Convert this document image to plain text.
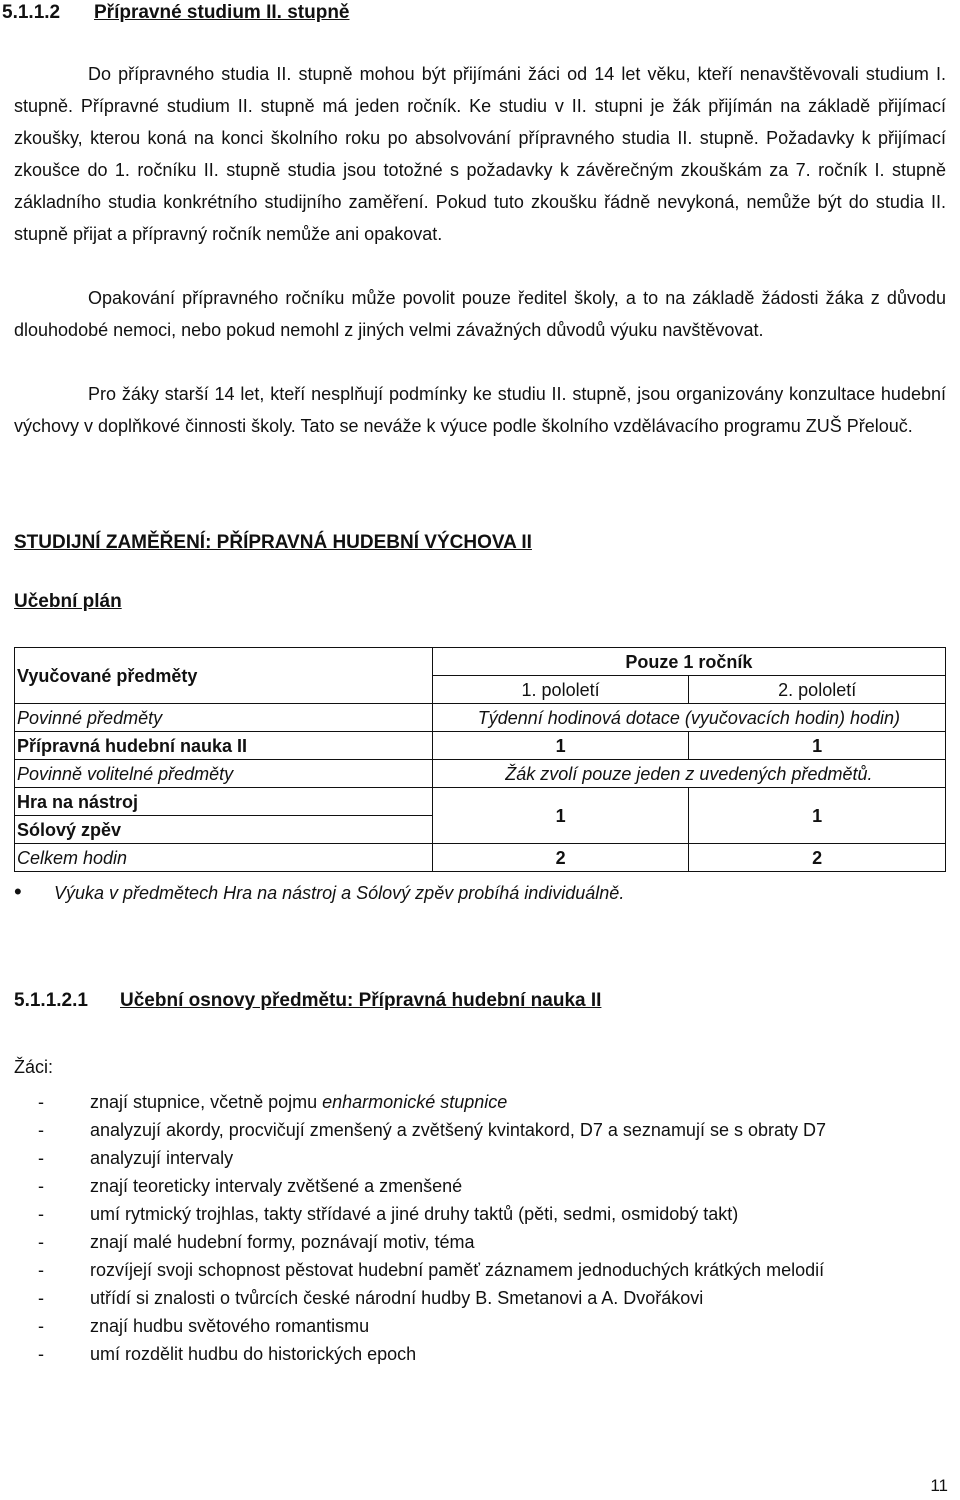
5.1.1.2 Přípravné studium II. stupně

Do přípravného studia II. stupně mohou být přijímáni žáci od 14 let věku, kteří nenavštěvovali studium I. stupně. Přípravné studium II. stupně má jeden ročník. Ke studiu v II. stupni je žák přijímán na základě přijímací zkoušky, kterou koná na konci školního roku po absolvování přípravného studia II. stupně. Požadavky k přijímací zkoušce do 1. ročníku II. stupně studia jsou totožné s požadavky k závěrečným zkouškám za 7. ročník I. stupně základního studia konkrétního studijního zaměření. Pokud tuto zkoušku řádně nevykoná, nemůže být do studia II. stupně přijat a přípravný ročník nemůže ani opakovat.

Opakování přípravného ročníku může povolit pouze ředitel školy, a to na základě žádosti žáka z důvodu dlouhodobé nemoci, nebo pokud nemohl z jiných velmi závažných důvodů výuku navštěvovat.

Pro žáky starší 14 let, kteří nesplňují podmínky ke studiu II. stupně, jsou organizovány konzultace hudební výchovy v doplňkové činnosti školy. Tato se neváže k výuce podle školního vzdělávacího programu ZUŠ Přelouč.

STUDIJNÍ ZAMĚŘENÍ: PŘÍPRAVNÁ HUDEBNÍ VÝCHOVA II
Učební plán
Vyučované předměty	Pouze 1 ročník	
	1. pololetí	2. pololetí
Povinné předměty	Týdenní hodinová dotace (vyučovacích hodin) hodin)	
Přípravná hudební nauka II	1	1
Povinně volitelné předměty	Žák zvolí pouze jeden z uvedených předmětů.	
Hra na nástroj	1	1
Sólový zpěv		
Celkem hodin	2	2
• Výuka v předmětech Hra na nástroj a Sólový zpěv probíhá individuálně.
5.1.1.2.1 Učební osnovy předmětu: Přípravná hudební nauka II
Žáci:
-	znají stupnice, včetně pojmu enharmonické stupnice
-	analyzují akordy, procvičují zmenšený a zvětšený kvintakord, D7 a seznamují se s obraty D7
-	analyzují intervaly
-	znají teoreticky intervaly zvětšené a zmenšené
-	umí rytmický trojhlas, takty střídavé a jiné druhy taktů (pěti, sedmi, osmidobý takt)
-	znají malé hudební formy, poznávají motiv, téma
-	rozvíjejí svoji schopnost pěstovat hudební paměť záznamem jednoduchých krátkých melodií
-	utřídí si znalosti o tvůrcích české národní hudby B. Smetanovi a A. Dvořákovi
-	znají hudbu světového romantismu
-	umí rozdělit hudbu do historických epoch
11
